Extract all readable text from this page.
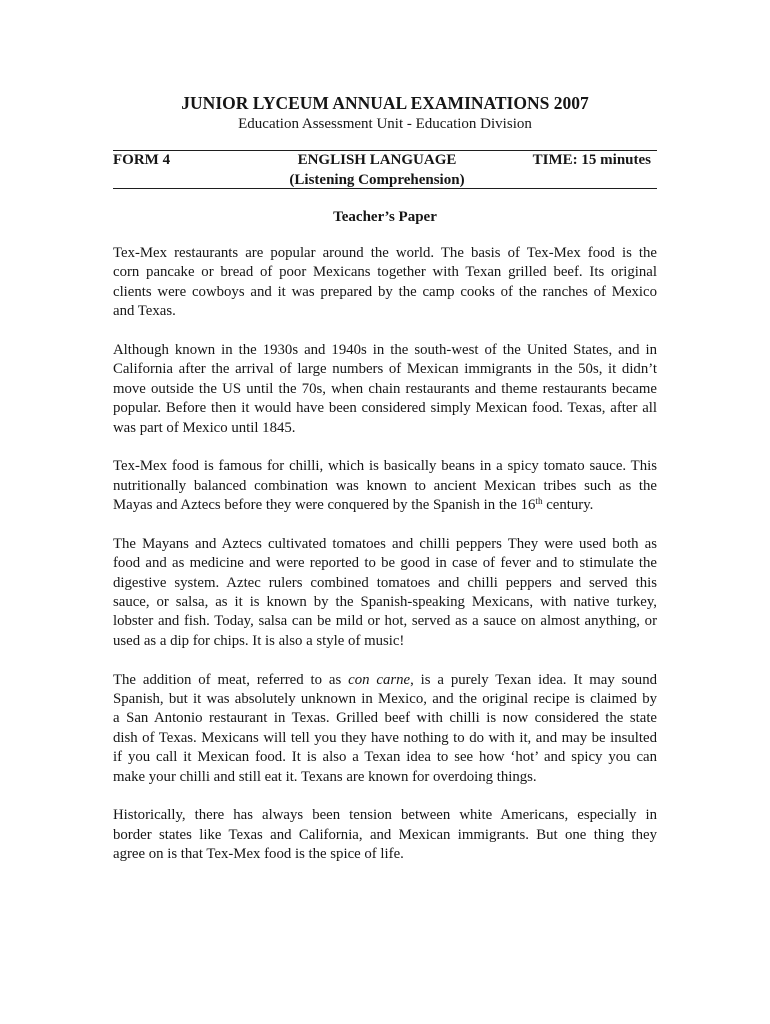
JUNIOR LYCEUM ANNUAL EXAMINATIONS 2007
Education Assessment Unit - Education Division
FORM 4	ENGLISH LANGUAGE
(Listening Comprehension)
TIME: 15 minutes
Teacher’s Paper
Tex-Mex restaurants are popular around the world. The basis of Tex-Mex food is the
corn pancake or bread of poor Mexicans together with Texan grilled beef. Its original
clients were cowboys and it was prepared by the camp cooks of the ranches of Mexico
and Texas.
Although known in the 1930s and 1940s in the south-west of the United States, and in
California after the arrival of large numbers of Mexican immigrants in the 50s, it didn’t
move outside the US until the 70s, when chain restaurants and theme restaurants became
popular. Before then it would have been considered simply Mexican food. Texas, after all
was part of Mexico until 1845.
Tex-Mex food is famous for chilli, which is basically beans in a spicy tomato sauce. This
nutritionally balanced combination was known to ancient Mexican tribes such as the
Mayas and Aztecs before they were conquered by the Spanish in the 16th century.
The Mayans and Aztecs cultivated tomatoes and chilli peppers They were used both as
food and as medicine and were reported to be good in case of fever and to stimulate the
digestive system. Aztec rulers combined tomatoes and chilli peppers and served this
sauce, or salsa, as it is known by the Spanish-speaking Mexicans, with native turkey,
lobster and fish. Today, salsa can be mild or hot, served as a sauce on almost anything, or
used as a dip for chips. It is also a style of music!
The addition of meat, referred to as con carne, is a purely Texan idea. It may sound
Spanish, but it was absolutely unknown in Mexico, and the original recipe is claimed by
a San Antonio restaurant in Texas. Grilled beef with chilli is now considered the state
dish of Texas. Mexicans will tell you they have nothing to do with it, and may be insulted
if you call it Mexican food. It is also a Texan idea to see how ‘hot’ and spicy you can
make your chilli and still eat it. Texans are known for overdoing things.
Historically, there has always been tension between white Americans, especially in
border states like Texas and California, and Mexican immigrants. But one thing they
agree on is that Tex-Mex food is the spice of life.
